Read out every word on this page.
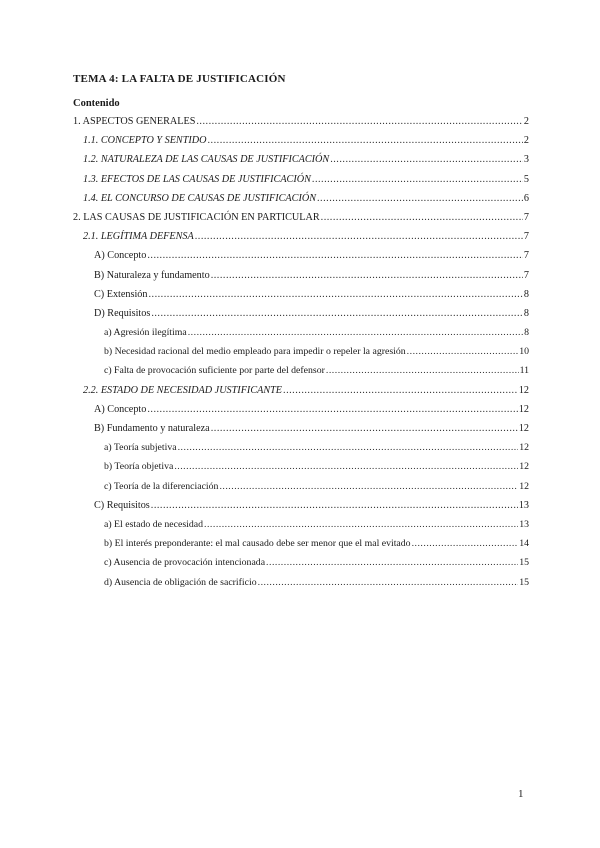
TEMA 4: LA FALTA DE JUSTIFICACIÓN
Contenido
1. ASPECTOS GENERALES .....	2
1.1. CONCEPTO Y SENTIDO .....	2
1.2. NATURALEZA DE LAS CAUSAS DE JUSTIFICACIÓN .....	3
1.3. EFECTOS DE LAS CAUSAS DE JUSTIFICACIÓN .....	5
1.4. EL CONCURSO DE CAUSAS DE JUSTIFICACIÓN .....	6
2. LAS CAUSAS DE JUSTIFICACIÓN EN PARTICULAR .....	7
2.1. LEGÍTIMA DEFENSA .....	7
A) Concepto .....	7
B) Naturaleza y fundamento .....	7
C) Extensión .....	8
D) Requisitos .....	8
a) Agresión ilegítima .....	8
b) Necesidad racional del medio empleado para impedir o repeler la agresión .....	10
c) Falta de provocación suficiente por parte del defensor .....	11
2.2. ESTADO DE NECESIDAD JUSTIFICANTE .....	12
A) Concepto .....	12
B) Fundamento y naturaleza .....	12
a) Teoría subjetiva .....	12
b) Teoría objetiva .....	12
c) Teoría de la diferenciación .....	12
C) Requisitos .....	13
a) El estado de necesidad .....	13
b) El interés preponderante: el mal causado debe ser menor que el mal evitado .....	14
c) Ausencia de provocación intencionada .....	15
d) Ausencia de obligación de sacrificio .....	15
1
